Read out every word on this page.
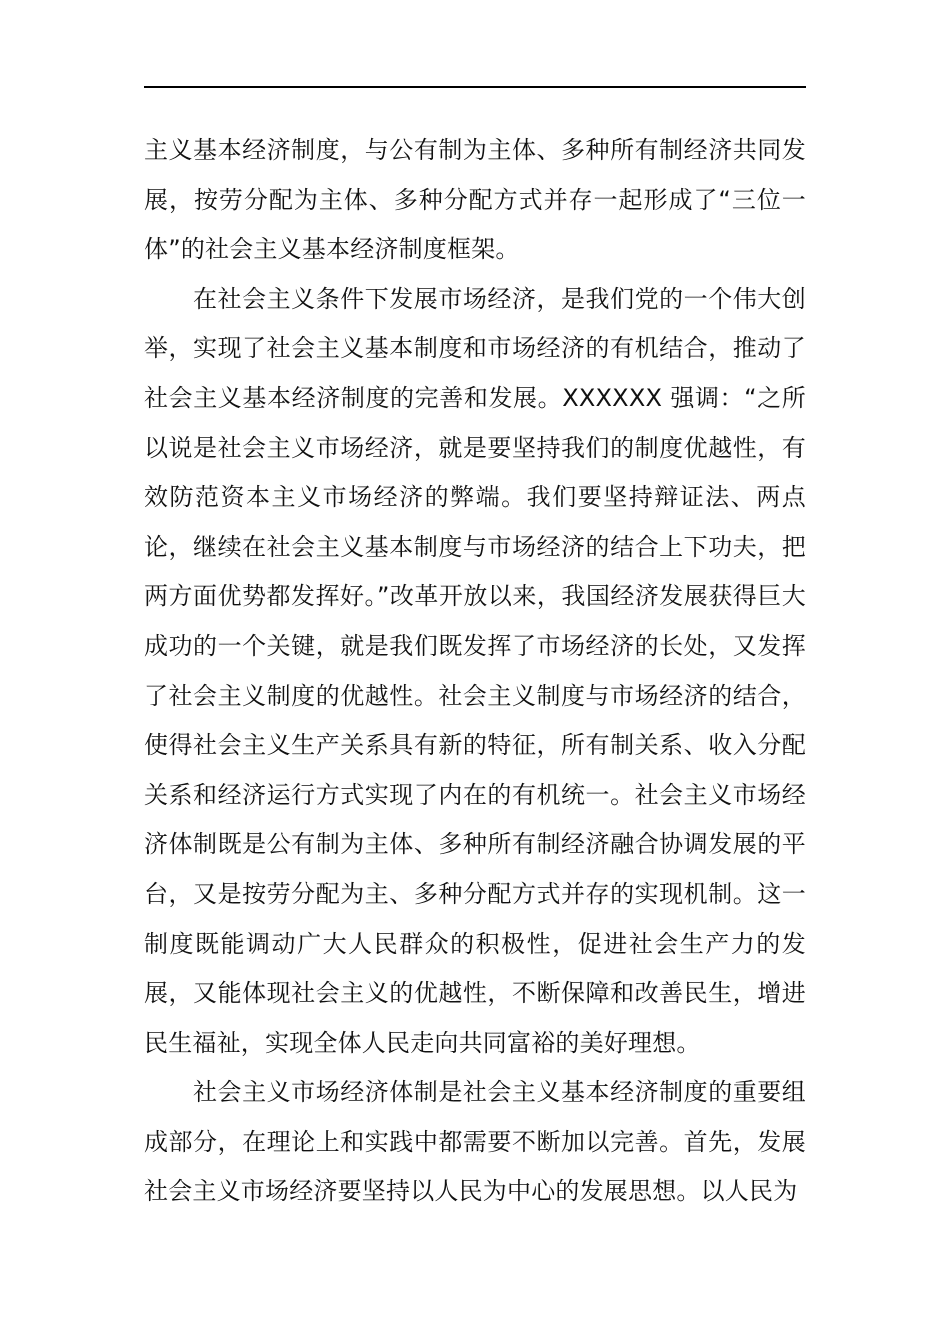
主义基本经济制度，与公有制为主体、多种所有制经济共同发展，按劳分配为主体、多种分配方式并存一起形成了“三位一体”的社会主义基本经济制度框架。

在社会主义条件下发展市场经济，是我们党的一个伟大创举，实现了社会主义基本制度和市场经济的有机结合，推动了社会主义基本经济制度的完善和发展。XXXXXX 强调：“之所以说是社会主义市场经济，就是要坚持我们的制度优越性，有效防范资本主义市场经济的弊端。我们要坚持辩证法、两点论，继续在社会主义基本制度与市场经济的结合上下功夫，把两方面优势都发挥好。”改革开放以来，我国经济发展获得巨大成功的一个关键，就是我们既发挥了市场经济的长处，又发挥了社会主义制度的优越性。社会主义制度与市场经济的结合，使得社会主义生产关系具有新的特征，所有制关系、收入分配关系和经济运行方式实现了内在的有机统一。社会主义市场经济体制既是公有制为主体、多种所有制经济融合协调发展的平台，又是按劳分配为主、多种分配方式并存的实现机制。这一制度既能调动广大人民群众的积极性，促进社会生产力的发展，又能体现社会主义的优越性，不断保障和改善民生，增进民生福祉，实现全体人民走向共同富裕的美好理想。

社会主义市场经济体制是社会主义基本经济制度的重要组成部分，在理论上和实践中都需要不断加以完善。首先，发展社会主义市场经济要坚持以人民为中心的发展思想。以人民为
